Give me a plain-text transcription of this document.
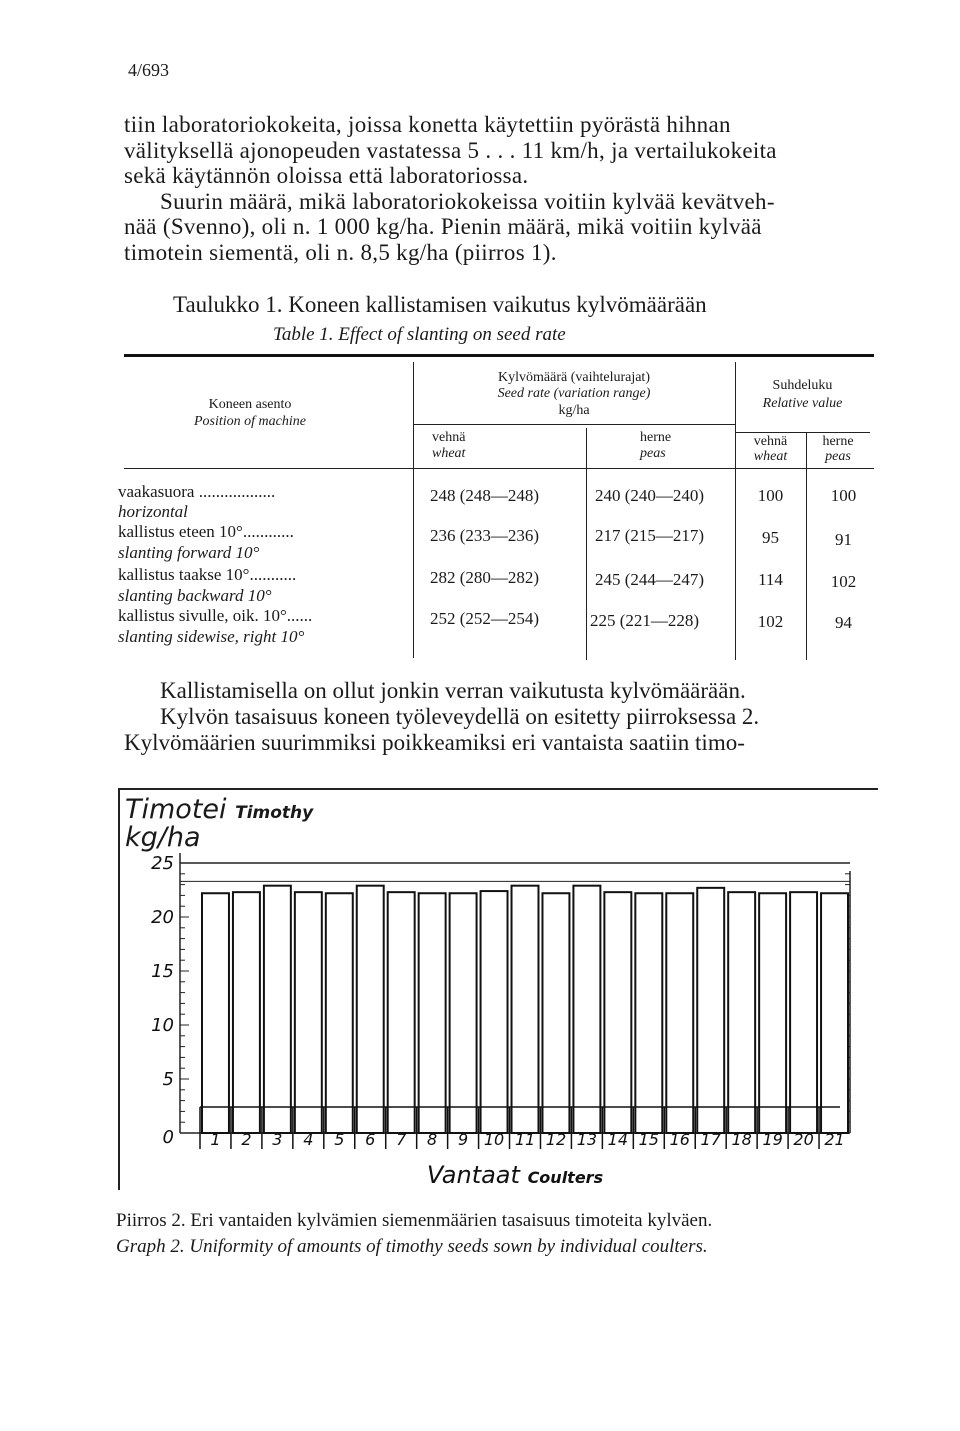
4/693
tiin laboratoriokokeita, joissa konetta käytettiin pyörästä hihnan
välityksellä ajonopeuden vastatessa 5 . . . 11 km/h, ja vertailukokeita
sekä käytännön oloissa että laboratoriossa.
Suurin määrä, mikä laboratoriokokeissa voitiin kylvää kevätveh-
nää (Svenno), oli n. 1 000 kg/ha. Pienin määrä, mikä voitiin kylvää
timotein siementä, oli n. 8,5 kg/ha (piirros 1).
Taulukko 1. Koneen kallistamisen vaikutus kylvömäärään
Table 1. Effect of slanting on seed rate
Koneen asento
Position of machine
Kylvömäärä (vaihtelurajat)
Seed rate (variation range)
kg/ha
Suhdeluku
Relative value
vehnä
wheat
herne
peas
vehnä
wheat
herne
peas
vaakasuora ..................
horizontal
248 (248—248)	240 (240—240)	100	100
kallistus eteen 10°............
slanting forward 10°
236 (233—236)	217 (215—217)	95	91
kallistus taakse 10°...........
slanting backward 10°
282 (280—282)	245 (244—247)	114	102
kallistus sivulle, oik. 10°......
slanting sidewise, right 10°
252 (252—254)	225 (221—228)	102	94
Kallistamisella on ollut jonkin verran vaikutusta kylvömäärään.
Kylvön tasaisuus koneen työleveydellä on esitetty piirroksessa 2.
Kylvömäärien suurimmiksi poikkeamiksi eri vantaista saatiin timo-
Timotei Timothy
kg/ha
0
5
10
15
20
25
1 2 3 4 5 6 7 8 9 10 11 12 13 14 15 16 17 18 19 20 21
Vantaat Coulters
Piirros 2. Eri vantaiden kylvämien siemenmäärien tasaisuus timoteita kylväen.
Graph 2. Uniformity of amounts of timothy seeds sown by individual coulters.
